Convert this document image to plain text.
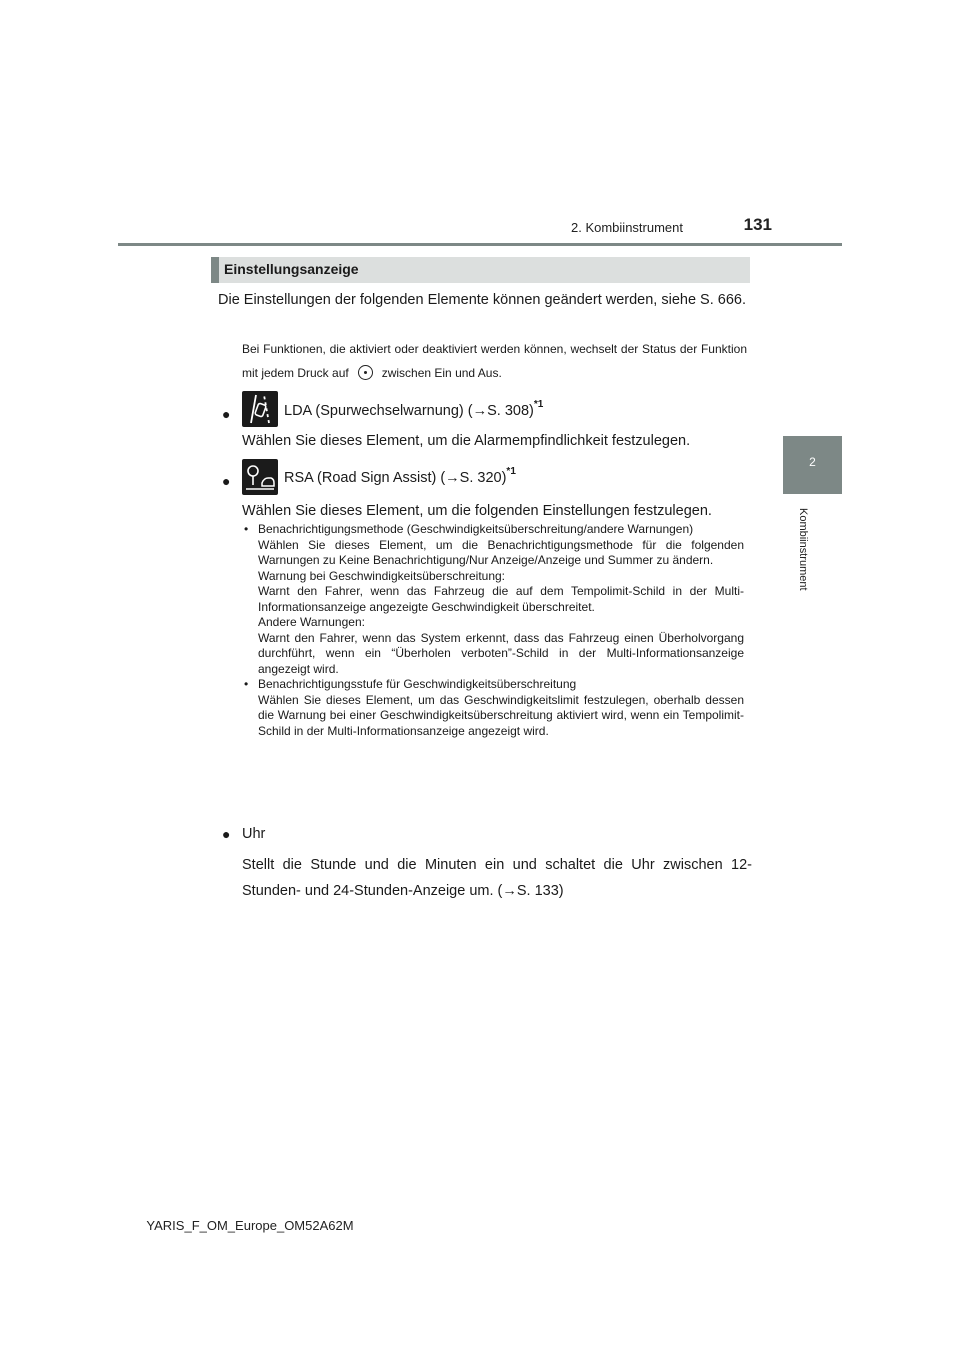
2. Kombiinstrument	131
2
Kombiinstrument
Einstellungsanzeige
Die Einstellungen der folgenden Elemente können geändert werden, siehe S. 666.
Bei Funktionen, die aktiviert oder deaktiviert werden können, wechselt der Status der Funktion mit jedem Druck auf	zwischen Ein und Aus.
●	LDA (Spurwechselwarnung) (→S. 308)$^{*1}$
Wählen Sie dieses Element, um die Alarmempfindlichkeit festzulegen.
●	RSA (Road Sign Assist) (→S. 320)$^{*1}$
Wählen Sie dieses Element, um die folgenden Einstellungen festzulegen.

• Benachrichtigungsmethode (Geschwindigkeitsüberschreitung/andere Warnungen)

Wählen Sie dieses Element, um die Benachrichtigungsmethode für die folgenden Warnungen zu Keine Benachrichtigung/Nur Anzeige/Anzeige und Summer zu ändern.

Warnung bei Geschwindigkeitsüberschreitung:

Warnt den Fahrer, wenn das Fahrzeug die auf dem Tempolimit-Schild in der Multi-Informationsanzeige angezeigte Geschwindigkeit überschreitet.

Andere Warnungen:

Warnt den Fahrer, wenn das System erkennt, dass das Fahrzeug einen Überholvorgang durchführt, wenn ein “Überholen verboten”-Schild in der Multi-Informationsanzeige angezeigt wird.

• Benachrichtigungsstufe für Geschwindigkeitsüberschreitung

Wählen Sie dieses Element, um das Geschwindigkeitslimit festzulegen, oberhalb dessen die Warnung bei einer Geschwindigkeitsüberschreitung aktiviert wird, wenn ein Tempolimit-Schild in der Multi-Informationsanzeige angezeigt wird.

● Uhr
Stellt die Stunde und die Minuten ein und schaltet die Uhr zwischen 12-Stunden- und 24-Stunden-Anzeige um. (→S. 133)
YARIS_F_OM_Europe_OM52A62M
